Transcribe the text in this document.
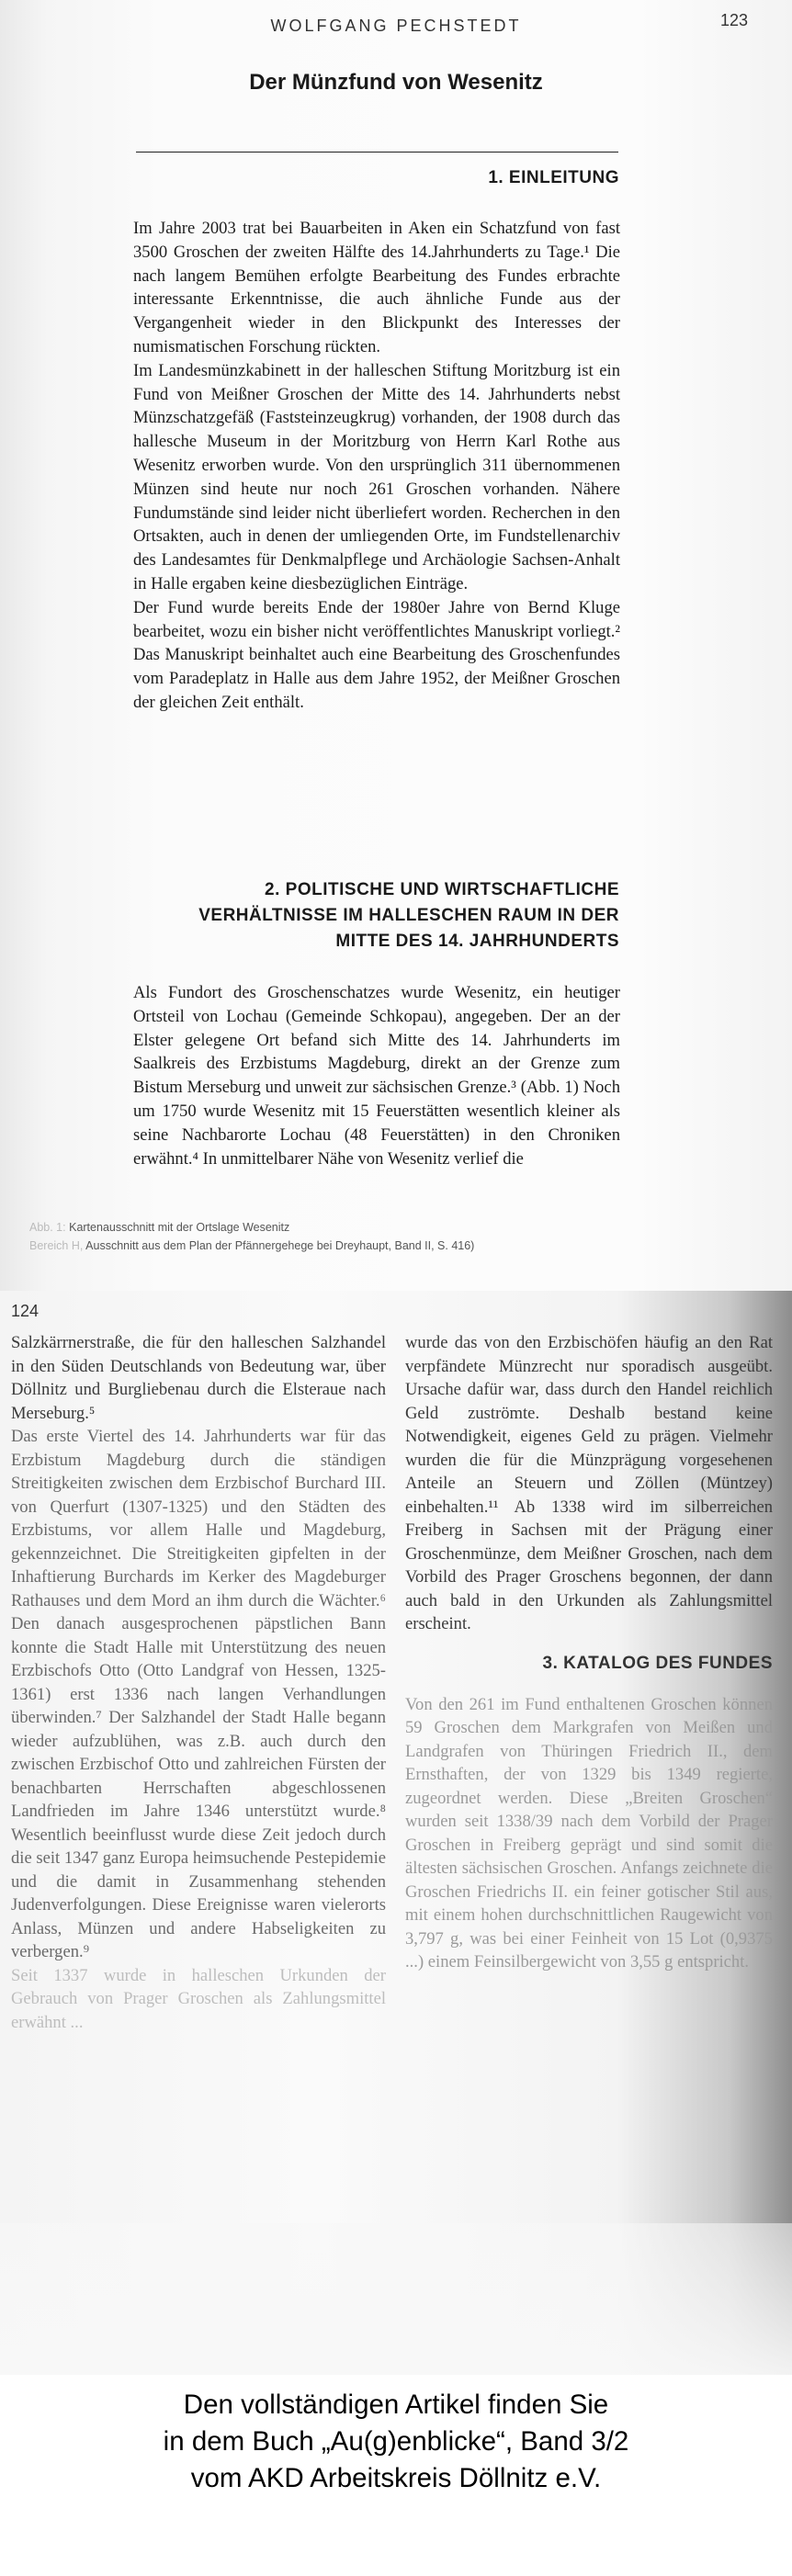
WOLFGANG PECHSTEDT	123
Der Münzfund von Wesenitz
1. EINLEITUNG

Im Jahre 2003 trat bei Bauarbeiten in Aken ein Schatzfund von fast 3500 Groschen der zweiten Hälfte des 14.Jahrhunderts zu Tage.¹ Die nach langem Bemühen erfolgte Bearbeitung des Fundes erbrachte interessante Erkenntnisse, die auch ähnliche Funde aus der Vergangenheit wieder in den Blickpunkt des Interesses der numismatischen Forschung rückten.

Im Landesmünzkabinett in der halleschen Stiftung Moritzburg ist ein Fund von Meißner Groschen der Mitte des 14. Jahrhunderts nebst Münzschatzgefäß (Faststeinzeugkrug) vorhanden, der 1908 durch das hallesche Museum in der Moritzburg von Herrn Karl Rothe aus Wesenitz erworben wurde. Von den ursprünglich 311 übernommenen Münzen sind heute nur noch 261 Groschen vorhanden. Nähere Fundumstände sind leider nicht überliefert worden. Recherchen in den Ortsakten, auch in denen der umliegenden Orte, im Fundstellenarchiv des Landesamtes für Denkmalpflege und Archäologie Sachsen-Anhalt in Halle ergaben keine diesbezüglichen Einträge.

Der Fund wurde bereits Ende der 1980er Jahre von Bernd Kluge bearbeitet, wozu ein bisher nicht veröffentlichtes Manuskript vorliegt.² Das Manuskript beinhaltet auch eine Bearbeitung des Groschenfundes vom Paradeplatz in Halle aus dem Jahre 1952, der Meißner Groschen der gleichen Zeit enthält.

2. POLITISCHE UND WIRTSCHAFTLICHE
VERHÄLTNISSE IM HALLESCHEN RAUM IN DER
MITTE DES 14. JAHRHUNDERTS

Als Fundort des Groschenschatzes wurde Wesenitz, ein heutiger Ortsteil von Lochau (Gemeinde Schkopau), angegeben. Der an der Elster gelegene Ort befand sich Mitte des 14. Jahrhunderts im Saalkreis des Erzbistums Magdeburg, direkt an der Grenze zum Bistum Merseburg und unweit zur sächsischen Grenze.³ (Abb. 1) Noch um 1750 wurde Wesenitz mit 15 Feuerstätten wesentlich kleiner als seine Nachbarorte Lochau (48 Feuerstätten) in den Chroniken erwähnt.⁴ In unmittelbarer Nähe von Wesenitz verlief die

Abb. 1: Kartenausschnitt mit der Ortslage Wesenitz
Bereich H, Ausschnitt aus dem Plan der Pfännergehege bei Dreyhaupt, Band II, S. 416)
124

Salzkärrnerstraße, die für den halleschen Salzhandel in den Süden Deutschlands von Bedeutung war, über Döllnitz und Burgliebenau durch die Elsteraue nach Merseburg.⁵

Das erste Viertel des 14. Jahrhunderts war für das Erzbistum Magdeburg durch die ständigen Streitigkeiten zwischen dem Erzbischof Burchard III. von Querfurt (1307-1325) und den Städten des Erzbistums, vor allem Halle und Magdeburg, gekennzeichnet. Die Streitigkeiten gipfelten in der Inhaftierung Burchards im Kerker des Magdeburger Rathauses und dem Mord an ihm durch die Wächter.⁶ Den danach ausgesprochenen päpstlichen Bann konnte die Stadt Halle mit Unterstützung des neuen Erzbischofs Otto (Otto Landgraf von Hessen, 1325-1361) erst 1336 nach langen Verhandlungen überwinden.⁷ Der Salzhandel der Stadt Halle begann wieder aufzublühen, was z.B. auch durch den zwischen Erzbischof Otto und zahlreichen Fürsten der benachbarten Herrschaften abgeschlossenen Landfrieden im Jahre 1346 unterstützt wurde.⁸ Wesentlich beeinflusst wurde diese Zeit jedoch durch die seit 1347 ganz Europa heimsuchende Pestepidemie und die damit in Zusammenhang stehenden Judenverfolgungen. Diese Ereignisse waren vielerorts Anlass, Münzen und andere Habseligkeiten zu verbergen.⁹

Seit 1337 wurde in halleschen Urkunden der Gebrauch von Prager Groschen als Zahlungsmittel erwähnt ...

wurde das von den Erzbischöfen häufig an den Rat verpfändete Münzrecht nur sporadisch ausgeübt. Ursache dafür war, dass durch den Handel reichlich Geld zuströmte. Deshalb bestand keine Notwendigkeit, eigenes Geld zu prägen. Vielmehr wurden die für die Münzprägung vorgesehenen Anteile an Steuern und Zöllen (Müntzey) einbehalten.¹¹ Ab 1338 wird im silberreichen Freiberg in Sachsen mit der Prägung einer Groschenmünze, dem Meißner Groschen, nach dem Vorbild des Prager Groschens begonnen, der dann auch bald in den Urkunden als Zahlungsmittel erscheint.

Von den 261 im Fund enthaltenen Groschen können 59 Groschen dem Markgrafen von Meißen und Landgrafen von Thüringen Friedrich II., dem Ernsthaften, der von 1329 bis 1349 regierte, zugeordnet werden. Diese „Breiten Groschen“ wurden seit 1338/39 nach dem Vorbild der Prager Groschen in Freiberg geprägt und sind somit die ältesten sächsischen Groschen. Anfangs zeichnete die Groschen Friedrichs II. ein feiner gotischer Stil aus, mit einem hohen durchschnittlichen Raugewicht von 3,797 g, was bei einer Feinheit von 15 Lot (0,9375 ...) einem Feinsilbergewicht von 3,55 g entspricht.

3. KATALOG DES FUNDES
Den vollständigen Artikel finden Sie
in dem Buch „Au(g)enblicke“, Band 3/2
vom AKD Arbeitskreis Döllnitz e.V.
